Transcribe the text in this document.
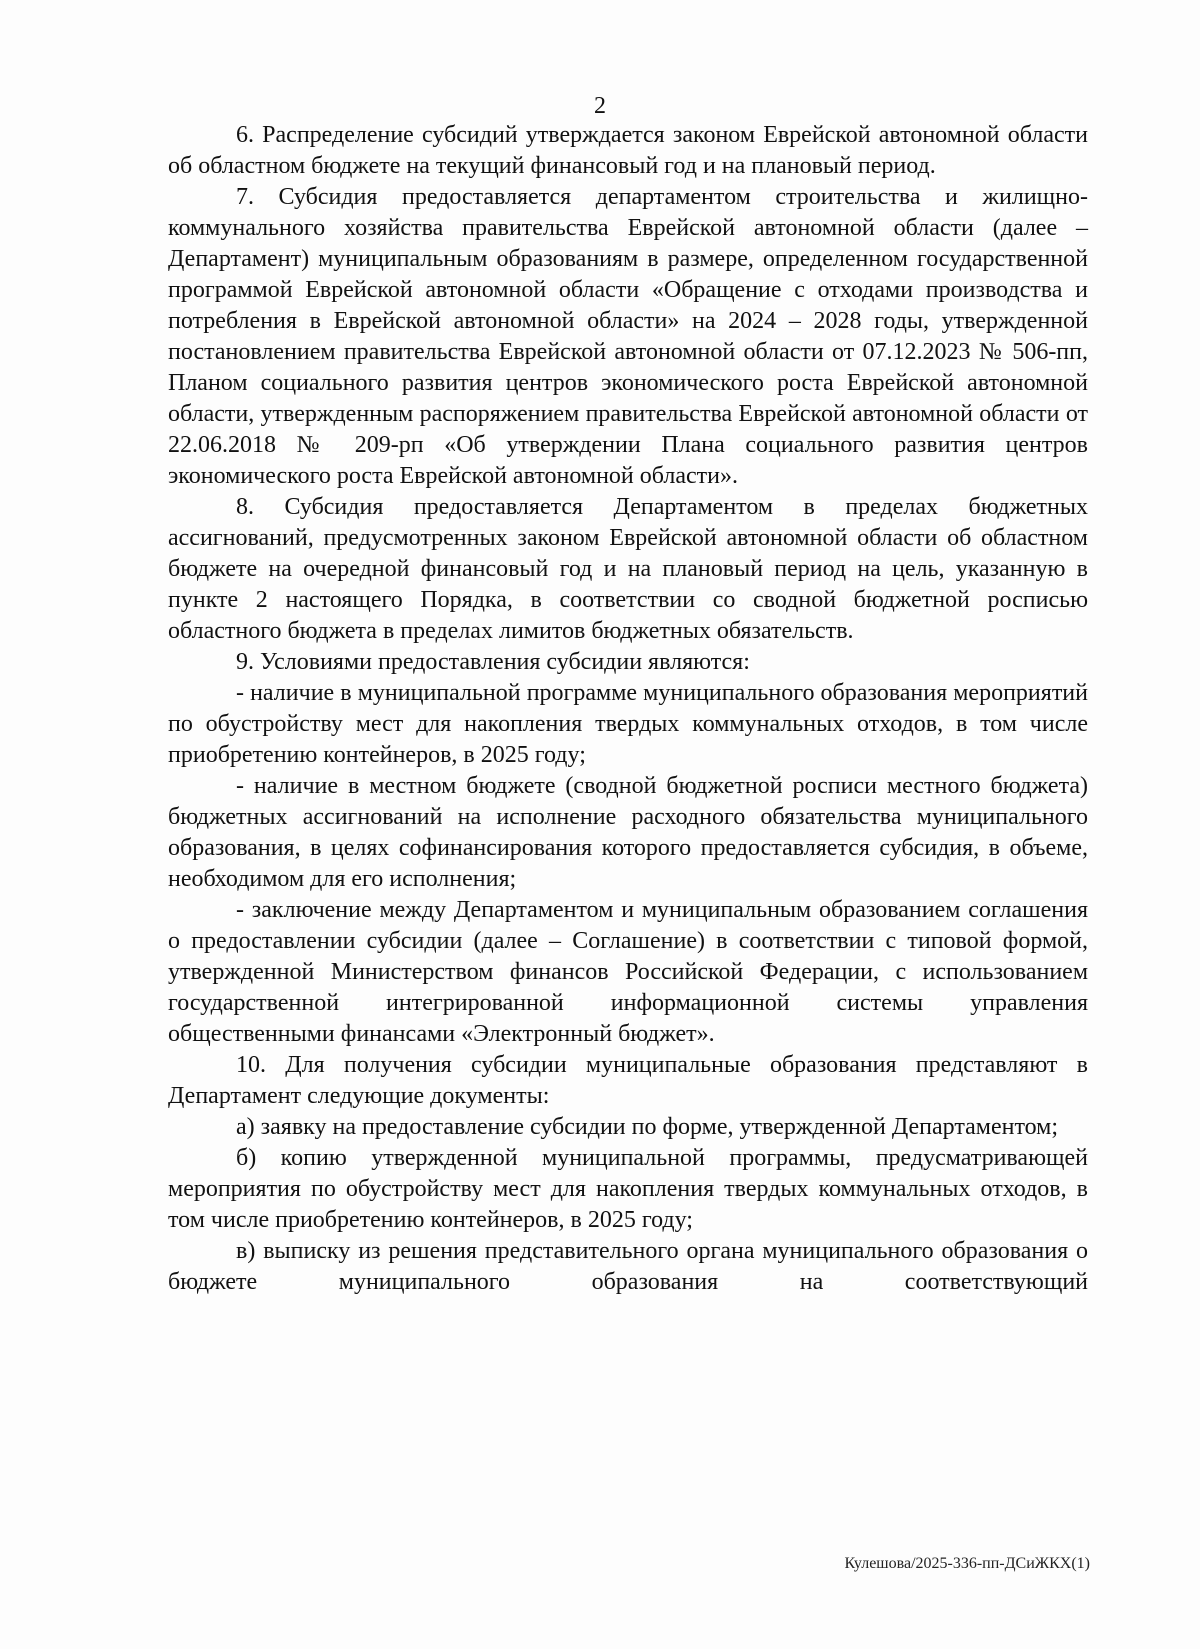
2

6. Распределение субсидий утверждается законом Еврейской автономной области об областном бюджете на текущий финансовый год и на плановый период.

7. Субсидия предоставляется департаментом строительства и жилищно-коммунального хозяйства правительства Еврейской автономной области (далее – Департамент) муниципальным образованиям в размере, определенном государственной программой Еврейской автономной области «Обращение с отходами производства и потребления в Еврейской автономной области» на 2024 – 2028 годы, утвержденной постановлением правительства Еврейской автономной области от 07.12.2023 № 506-пп, Планом социального развития центров экономического роста Еврейской автономной области, утвержденным распоряжением правительства Еврейской автономной области от 22.06.2018 № 209-рп «Об утверждении Плана социального развития центров экономического роста Еврейской автономной области».

8. Субсидия предоставляется Департаментом в пределах бюджетных ассигнований, предусмотренных законом Еврейской автономной области об областном бюджете на очередной финансовый год и на плановый период на цель, указанную в пункте 2 настоящего Порядка, в соответствии со сводной бюджетной росписью областного бюджета в пределах лимитов бюджетных обязательств.

9. Условиями предоставления субсидии являются:

- наличие в муниципальной программе муниципального образования мероприятий по обустройству мест для накопления твердых коммунальных отходов, в том числе приобретению контейнеров, в 2025 году;

- наличие в местном бюджете (сводной бюджетной росписи местного бюджета) бюджетных ассигнований на исполнение расходного обязательства муниципального образования, в целях софинансирования которого предоставляется субсидия, в объеме, необходимом для его исполнения;

- заключение между Департаментом и муниципальным образованием соглашения о предоставлении субсидии (далее – Соглашение) в соответствии с типовой формой, утвержденной Министерством финансов Российской Федерации, с использованием государственной интегрированной информационной системы управления общественными финансами «Электронный бюджет».

10. Для получения субсидии муниципальные образования представляют в Департамент следующие документы:

а) заявку на предоставление субсидии по форме, утвержденной Департаментом;

б) копию утвержденной муниципальной программы, предусматривающей мероприятия по обустройству мест для накопления твердых коммунальных отходов, в том числе приобретению контейнеров, в 2025 году;

в) выписку из решения представительного органа муниципального образования о бюджете муниципального образования на соответствующий

Кулешова/2025-336-пп-ДСиЖКХ(1)
